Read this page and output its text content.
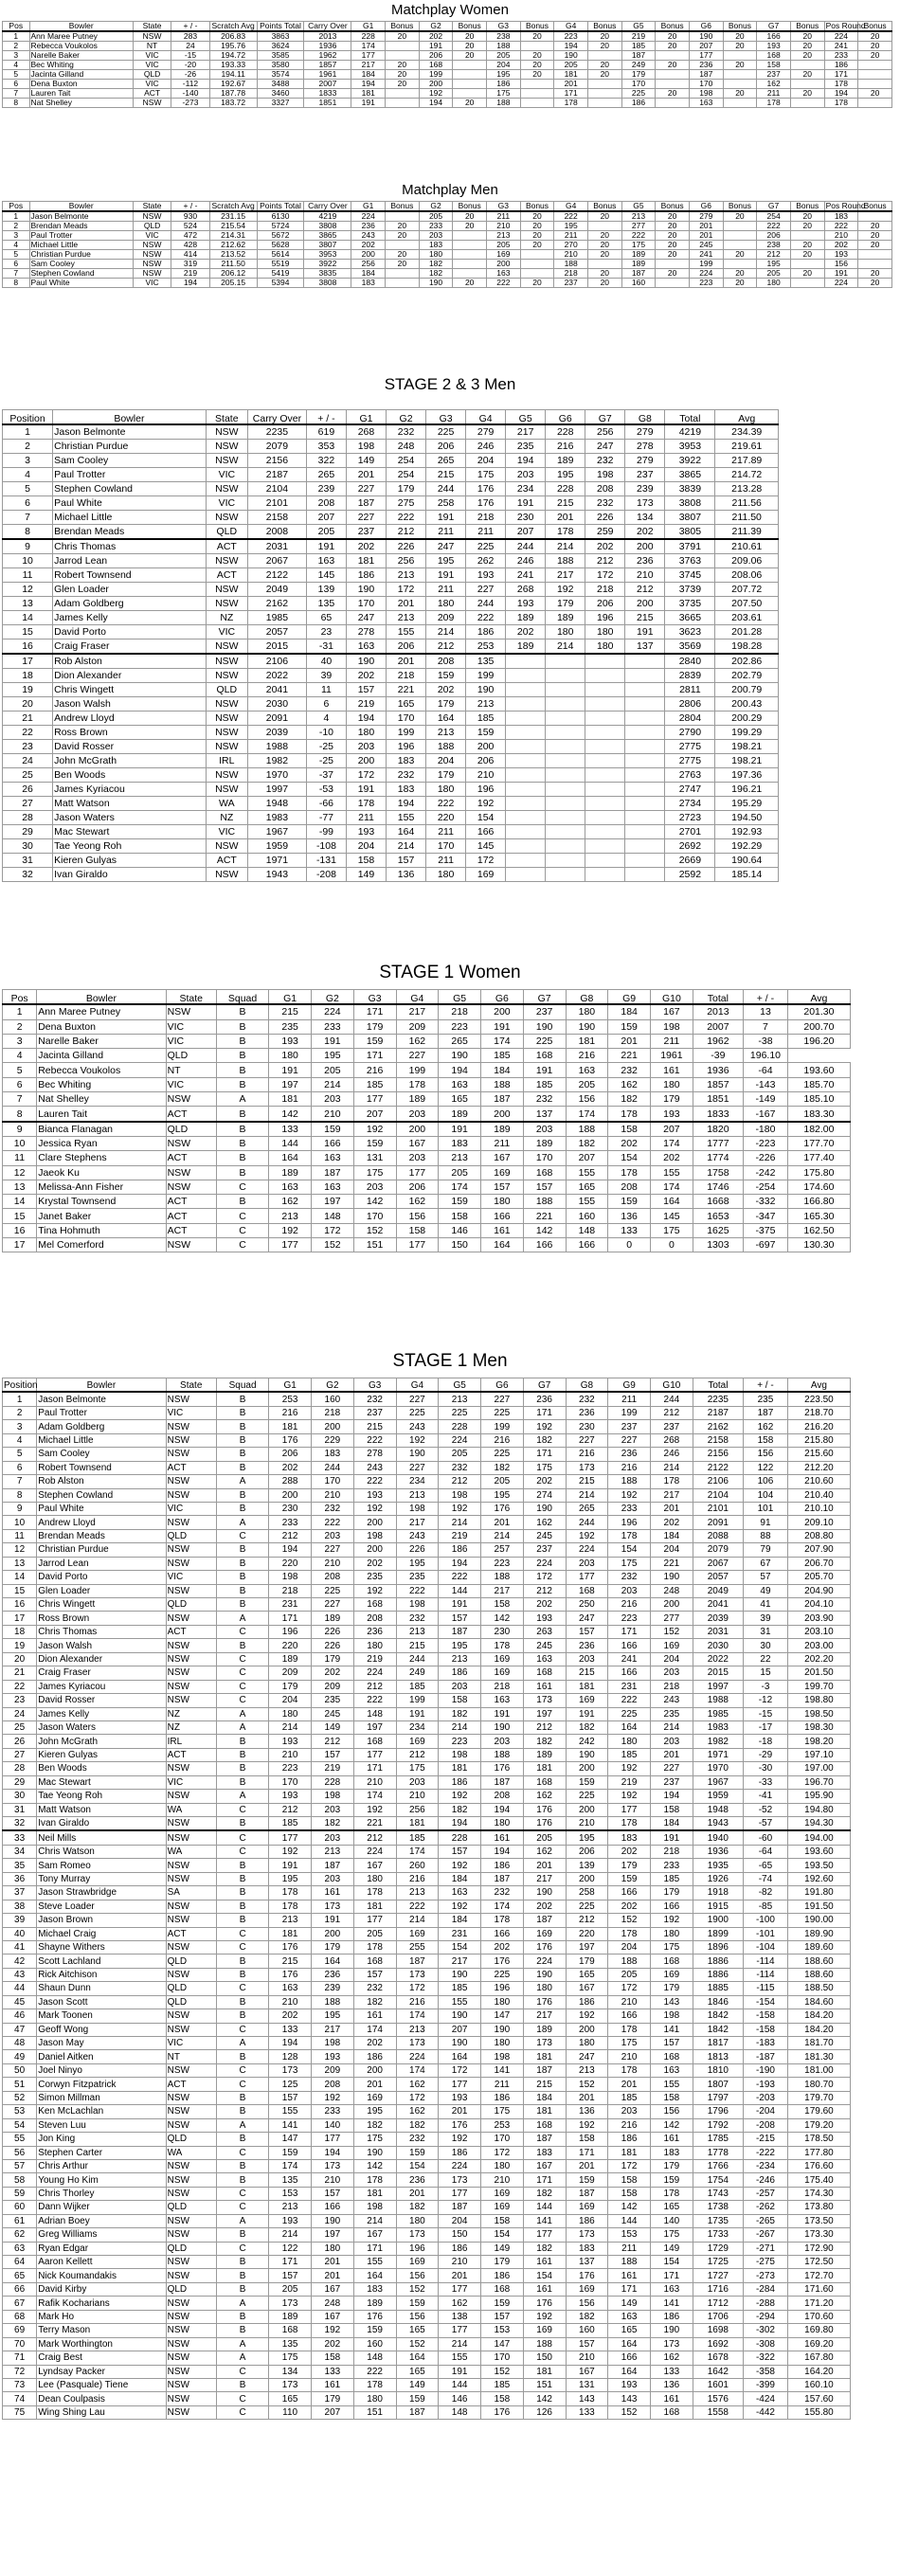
Matchplay Women
Pos	Bowler	State	+ / -	Scratch Avg	Points Total	Carry Over	G1	Bonus	G2	Bonus	G3	Bonus	G4	Bonus	G5	Bonus	G6	Bonus	G7	Bonus	Pos Round	Bonus
1	Ann Maree Putney	NSW	283	206.83	3863	2013	228	20	202	20	238	20	223	20	219	20	190	20	166	20	224	20
2	Rebecca Voukolos	NT	24	195.76	3624	1936	174		191	20	188		194	20	185	20	207	20	193	20	241	20
3	Narelle Baker	VIC	-15	194.72	3585	1962	177		206	20	205	20	190		187		177		168	20	233	20
4	Bec Whiting	VIC	-20	193.33	3580	1857	217	20	168		204	20	205	20	249	20	236	20	158		186	
5	Jacinta Gilland	QLD	-26	194.11	3574	1961	184	20	199		195	20	181	20	179		187		237	20	171	
6	Dena Buxton	VIC	-112	192.67	3488	2007	194	20	200		186		201		170		170		162		178	
7	Lauren Tait	ACT	-140	187.78	3460	1833	181		192		175		171		225	20	198	20	211	20	194	20
8	Nat Shelley	NSW	-273	183.72	3327	1851	191		194	20	188		178		186		163		178		178	
Matchplay Men
Pos	Bowler	State	+ / -	Scratch Avg	Points Total	Carry Over	G1	Bonus	G2	Bonus	G3	Bonus	G4	Bonus	G5	Bonus	G6	Bonus	G7	Bonus	Pos Round	Bonus
1	Jason Belmonte	NSW	930	231.15	6130	4219	224		205	20	211	20	222	20	213	20	279	20	254	20	183	
2	Brendan Meads	QLD	524	215.54	5724	3808	236	20	233	20	210	20	195		277	20	201		222	20	222	20
3	Paul Trotter	VIC	472	214.31	5672	3865	243	20	203		213	20	211	20	222	20	201		206		210	20
4	Michael Little	NSW	428	212.62	5628	3807	202		183		205	20	270	20	175	20	245		238	20	202	20
5	Christian Purdue	NSW	414	213.52	5614	3953	200	20	180		169		210	20	189	20	241	20	212	20	193	
6	Sam Cooley	NSW	319	211.50	5519	3922	256	20	182		200		188		189		199		195		156	
7	Stephen Cowland	NSW	219	206.12	5419	3835	184		182		163		218	20	187	20	224	20	205	20	191	20
8	Paul White	VIC	194	205.15	5394	3808	183		190	20	222	20	237	20	160		223	20	180		224	20
STAGE 2 & 3 Men
Position	Bowler	State	Carry Over	+ / -	G1	G2	G3	G4	G5	G6	G7	G8	Total	Avg
1	Jason Belmonte	NSW	2235	619	268	232	225	279	217	228	256	279	4219	234.39
2	Christian Purdue	NSW	2079	353	198	248	206	246	235	216	247	278	3953	219.61
3	Sam Cooley	NSW	2156	322	149	254	265	204	194	189	232	279	3922	217.89
4	Paul Trotter	VIC	2187	265	201	254	215	175	203	195	198	237	3865	214.72
5	Stephen Cowland	NSW	2104	239	227	179	244	176	234	228	208	239	3839	213.28
6	Paul White	VIC	2101	208	187	275	258	176	191	215	232	173	3808	211.56
7	Michael Little	NSW	2158	207	227	222	191	218	230	201	226	134	3807	211.50
8	Brendan Meads	QLD	2008	205	237	212	211	211	207	178	259	202	3805	211.39
9	Chris Thomas	ACT	2031	191	202	226	247	225	244	214	202	200	3791	210.61
10	Jarrod Lean	NSW	2067	163	181	256	195	262	246	188	212	236	3763	209.06
11	Robert Townsend	ACT	2122	145	186	213	191	193	241	217	172	210	3745	208.06
12	Glen Loader	NSW	2049	139	190	172	211	227	268	192	218	212	3739	207.72
13	Adam Goldberg	NSW	2162	135	170	201	180	244	193	179	206	200	3735	207.50
14	James Kelly	NZ	1985	65	247	213	209	222	189	189	196	215	3665	203.61
15	David Porto	VIC	2057	23	278	155	214	186	202	180	180	191	3623	201.28
16	Craig Fraser	NSW	2015	-31	163	206	212	253	189	214	180	137	3569	198.28
17	Rob Alston	NSW	2106	40	190	201	208	135					2840	202.86
18	Dion Alexander	NSW	2022	39	202	218	159	199					2839	202.79
19	Chris Wingett	QLD	2041	11	157	221	202	190					2811	200.79
20	Jason Walsh	NSW	2030	6	219	165	179	213					2806	200.43
21	Andrew Lloyd	NSW	2091	4	194	170	164	185					2804	200.29
22	Ross Brown	NSW	2039	-10	180	199	213	159					2790	199.29
23	David Rosser	NSW	1988	-25	203	196	188	200					2775	198.21
24	John McGrath	IRL	1982	-25	200	183	204	206					2775	198.21
25	Ben Woods	NSW	1970	-37	172	232	179	210					2763	197.36
26	James Kyriacou	NSW	1997	-53	191	183	180	196					2747	196.21
27	Matt Watson	WA	1948	-66	178	194	222	192					2734	195.29
28	Jason Waters	NZ	1983	-77	211	155	220	154					2723	194.50
29	Mac Stewart	VIC	1967	-99	193	164	211	166					2701	192.93
30	Tae Yeong Roh	NSW	1959	-108	204	214	170	145					2692	192.29
31	Kieren Gulyas	ACT	1971	-131	158	157	211	172					2669	190.64
32	Ivan Giraldo	NSW	1943	-208	149	136	180	169					2592	185.14
STAGE 1 Women
Pos	Bowler	State	Squad	G1	G2	G3	G4	G5	G6	G7	G8	G9	G10	Total	+ / -	Avg
1	Ann Maree Putney	NSW	B	215	224	171	217	218	200	237	180	184	167	2013	13	201.30
2	Dena Buxton	VIC	B	235	233	179	209	223	191	190	190	159	198	2007	7	200.70
3	Narelle Baker	VIC	B	193	191	159	162	265	174	225	181	201	211	1962	-38	196.20
4	Jacinta Gilland	QLD	B	180	195	171	227	190	185	168	216	221	1961	-39	196.10	
5	Rebecca Voukolos	NT	B	191	205	216	199	194	184	191	163	232	161	1936	-64	193.60
6	Bec Whiting	VIC	B	197	214	185	178	163	188	185	205	162	180	1857	-143	185.70
7	Nat Shelley	NSW	A	181	203	177	189	165	187	232	156	182	179	1851	-149	185.10
8	Lauren Tait	ACT	B	142	210	207	203	189	200	137	174	178	193	1833	-167	183.30
9	Bianca Flanagan	QLD	B	133	159	192	200	191	189	203	188	158	207	1820	-180	182.00
10	Jessica Ryan	NSW	B	144	166	159	167	183	211	189	182	202	174	1777	-223	177.70
11	Clare Stephens	ACT	B	164	163	131	203	213	167	170	207	154	202	1774	-226	177.40
12	Jaeok Ku	NSW	B	189	187	175	177	205	169	168	155	178	155	1758	-242	175.80
13	Melissa-Ann Fisher	NSW	C	163	163	203	206	174	157	157	165	208	174	1746	-254	174.60
14	Krystal Townsend	ACT	B	162	197	142	162	159	180	188	155	159	164	1668	-332	166.80
15	Janet Baker	ACT	C	213	148	170	156	158	166	221	160	136	145	1653	-347	165.30
16	Tina Hohmuth	ACT	C	192	172	152	158	146	161	142	148	133	175	1625	-375	162.50
17	Mel Comerford	NSW	C	177	152	151	177	150	164	166	166	0	0	1303	-697	130.30
STAGE 1 Men
Position	Bowler	State	Squad	G1	G2	G3	G4	G5	G6	G7	G8	G9	G10	Total	+ / -	Avg
1	Jason Belmonte	NSW	B	253	160	232	227	213	227	236	232	211	244	2235	235	223.50
2	Paul Trotter	VIC	B	216	218	237	225	225	225	171	236	199	212	2187	187	218.70
3	Adam Goldberg	NSW	B	181	200	215	243	228	199	192	230	237	237	2162	162	216.20
4	Michael Little	NSW	B	176	229	222	192	224	216	182	227	227	268	2158	158	215.80
5	Sam Cooley	NSW	B	206	183	278	190	205	225	171	216	236	246	2156	156	215.60
6	Robert Townsend	ACT	B	202	244	243	227	232	182	175	173	216	214	2122	122	212.20
7	Rob Alston	NSW	A	288	170	222	234	212	205	202	215	188	178	2106	106	210.60
8	Stephen Cowland	NSW	B	200	210	193	213	198	195	274	214	192	217	2104	104	210.40
9	Paul White	VIC	B	230	232	192	198	192	176	190	265	233	201	2101	101	210.10
10	Andrew Lloyd	NSW	A	233	222	200	217	214	201	162	244	196	202	2091	91	209.10
11	Brendan Meads	QLD	C	212	203	198	243	219	214	245	192	178	184	2088	88	208.80
12	Christian Purdue	NSW	B	194	227	200	226	186	257	237	224	154	204	2079	79	207.90
13	Jarrod Lean	NSW	B	220	210	202	195	194	223	224	203	175	221	2067	67	206.70
14	David Porto	VIC	B	198	208	235	235	222	188	172	177	232	190	2057	57	205.70
15	Glen Loader	NSW	B	218	225	192	222	144	217	212	168	203	248	2049	49	204.90
16	Chris Wingett	QLD	B	231	227	168	198	191	158	202	250	216	200	2041	41	204.10
17	Ross Brown	NSW	A	171	189	208	232	157	142	193	247	223	277	2039	39	203.90
18	Chris Thomas	ACT	C	196	226	236	213	187	230	263	157	171	152	2031	31	203.10
19	Jason Walsh	NSW	B	220	226	180	215	195	178	245	236	166	169	2030	30	203.00
20	Dion Alexander	NSW	C	189	179	219	244	213	169	163	203	241	204	2022	22	202.20
21	Craig Fraser	NSW	C	209	202	224	249	186	169	168	215	166	203	2015	15	201.50
22	James Kyriacou	NSW	C	179	209	212	185	203	218	161	181	231	218	1997	-3	199.70
23	David Rosser	NSW	C	204	235	222	199	158	163	173	169	222	243	1988	-12	198.80
24	James Kelly	NZ	A	180	245	148	191	182	191	197	191	225	235	1985	-15	198.50
25	Jason Waters	NZ	A	214	149	197	234	214	190	212	182	164	214	1983	-17	198.30
26	John McGrath	IRL	B	193	212	168	169	223	203	182	242	180	203	1982	-18	198.20
27	Kieren Gulyas	ACT	B	210	157	177	212	198	188	189	190	185	201	1971	-29	197.10
28	Ben Woods	NSW	B	223	219	171	175	181	176	181	200	192	227	1970	-30	197.00
29	Mac Stewart	VIC	B	170	228	210	203	186	187	168	159	219	237	1967	-33	196.70
30	Tae Yeong Roh	NSW	A	193	198	174	210	192	208	162	225	192	194	1959	-41	195.90
31	Matt Watson	WA	C	212	203	192	256	182	194	176	200	177	158	1948	-52	194.80
32	Ivan Giraldo	NSW	B	185	182	221	181	194	180	176	210	178	184	1943	-57	194.30
33	Neil Mills	NSW	C	177	203	212	185	228	161	205	195	183	191	1940	-60	194.00
34	Chris Watson	WA	C	192	213	224	174	157	194	162	206	202	218	1936	-64	193.60
35	Sam Romeo	NSW	B	191	187	167	260	192	186	201	139	179	233	1935	-65	193.50
36	Tony Murray	NSW	B	195	203	180	216	184	187	217	200	159	185	1926	-74	192.60
37	Jason Strawbridge	SA	B	178	161	178	213	163	232	190	258	166	179	1918	-82	191.80
38	Steve Loader	NSW	B	178	173	181	222	192	174	202	225	202	166	1915	-85	191.50
39	Jason Brown	NSW	B	213	191	177	214	184	178	187	212	152	192	1900	-100	190.00
40	Michael Craig	ACT	C	181	200	205	169	231	166	169	220	178	180	1899	-101	189.90
41	Shayne Withers	NSW	C	176	179	178	255	154	202	176	197	204	175	1896	-104	189.60
42	Scott Lachland	QLD	B	215	164	168	187	217	176	224	179	188	168	1886	-114	188.60
43	Rick Aitchison	NSW	B	176	236	157	173	190	225	190	165	205	169	1886	-114	188.60
44	Shaun Dunn	QLD	C	163	239	232	172	185	196	180	167	172	179	1885	-115	188.50
45	Jason Scott	QLD	B	210	188	182	216	155	180	176	186	210	143	1846	-154	184.60
46	Mark Toonen	NSW	B	202	195	161	174	190	147	217	192	166	198	1842	-158	184.20
47	Geoff Wong	NSW	C	133	217	174	213	207	190	189	200	178	141	1842	-158	184.20
48	Jason May	VIC	A	194	198	202	173	190	180	173	180	175	157	1817	-183	181.70
49	Daniel Aitken	NT	B	128	193	186	224	164	198	181	247	210	168	1813	-187	181.30
50	Joel Ninyo	NSW	C	173	209	200	174	172	141	187	213	178	163	1810	-190	181.00
51	Corwyn Fitzpatrick	ACT	C	125	208	201	162	177	211	215	152	201	155	1807	-193	180.70
52	Simon Millman	NSW	B	157	192	169	172	193	186	184	201	185	158	1797	-203	179.70
53	Ken McLachlan	NSW	B	155	233	195	162	201	175	181	136	203	156	1796	-204	179.60
54	Steven Luu	NSW	A	141	140	182	182	176	253	168	192	216	142	1792	-208	179.20
55	Jon King	QLD	B	147	177	175	232	192	170	187	158	186	161	1785	-215	178.50
56	Stephen Carter	WA	C	159	194	190	159	186	172	183	171	181	183	1778	-222	177.80
57	Chris Arthur	NSW	B	174	173	142	154	224	180	167	201	172	179	1766	-234	176.60
58	Young Ho Kim	NSW	B	135	210	178	236	173	210	171	159	158	159	1754	-246	175.40
59	Chris Thorley	NSW	C	153	157	181	201	177	169	182	187	158	178	1743	-257	174.30
60	Dann Wijker	QLD	C	213	166	198	182	187	169	144	169	142	165	1738	-262	173.80
61	Adrian Boey	NSW	A	193	190	214	180	204	158	141	186	144	140	1735	-265	173.50
62	Greg Williams	NSW	B	214	197	167	173	150	154	177	173	153	175	1733	-267	173.30
63	Ryan Edgar	QLD	C	122	180	171	196	186	149	182	183	211	149	1729	-271	172.90
64	Aaron Kellett	NSW	B	171	201	155	169	210	179	161	137	188	154	1725	-275	172.50
65	Nick Koumandakis	NSW	B	157	201	164	156	201	186	154	176	161	171	1727	-273	172.70
66	David Kirby	QLD	B	205	167	183	152	177	168	161	169	171	163	1716	-284	171.60
67	Rafik Kocharians	NSW	A	173	248	189	159	162	159	176	156	149	141	1712	-288	171.20
68	Mark Ho	NSW	B	189	167	176	156	138	157	192	182	163	186	1706	-294	170.60
69	Terry Mason	NSW	B	168	192	159	165	177	153	169	160	165	190	1698	-302	169.80
70	Mark Worthington	NSW	A	135	202	160	152	214	147	188	157	164	173	1692	-308	169.20
71	Craig Best	NSW	A	175	158	148	164	155	170	150	210	166	162	1678	-322	167.80
72	Lyndsay Packer	NSW	C	134	133	222	165	191	152	181	167	164	133	1642	-358	164.20
73	Lee (Pasquale) Tiene	NSW	B	173	161	178	149	144	185	151	131	193	136	1601	-399	160.10
74	Dean Coulpasis	NSW	C	165	179	180	159	146	158	142	143	143	161	1576	-424	157.60
75	Wing Shing Lau	NSW	C	110	207	151	187	148	176	126	133	152	168	1558	-442	155.80
